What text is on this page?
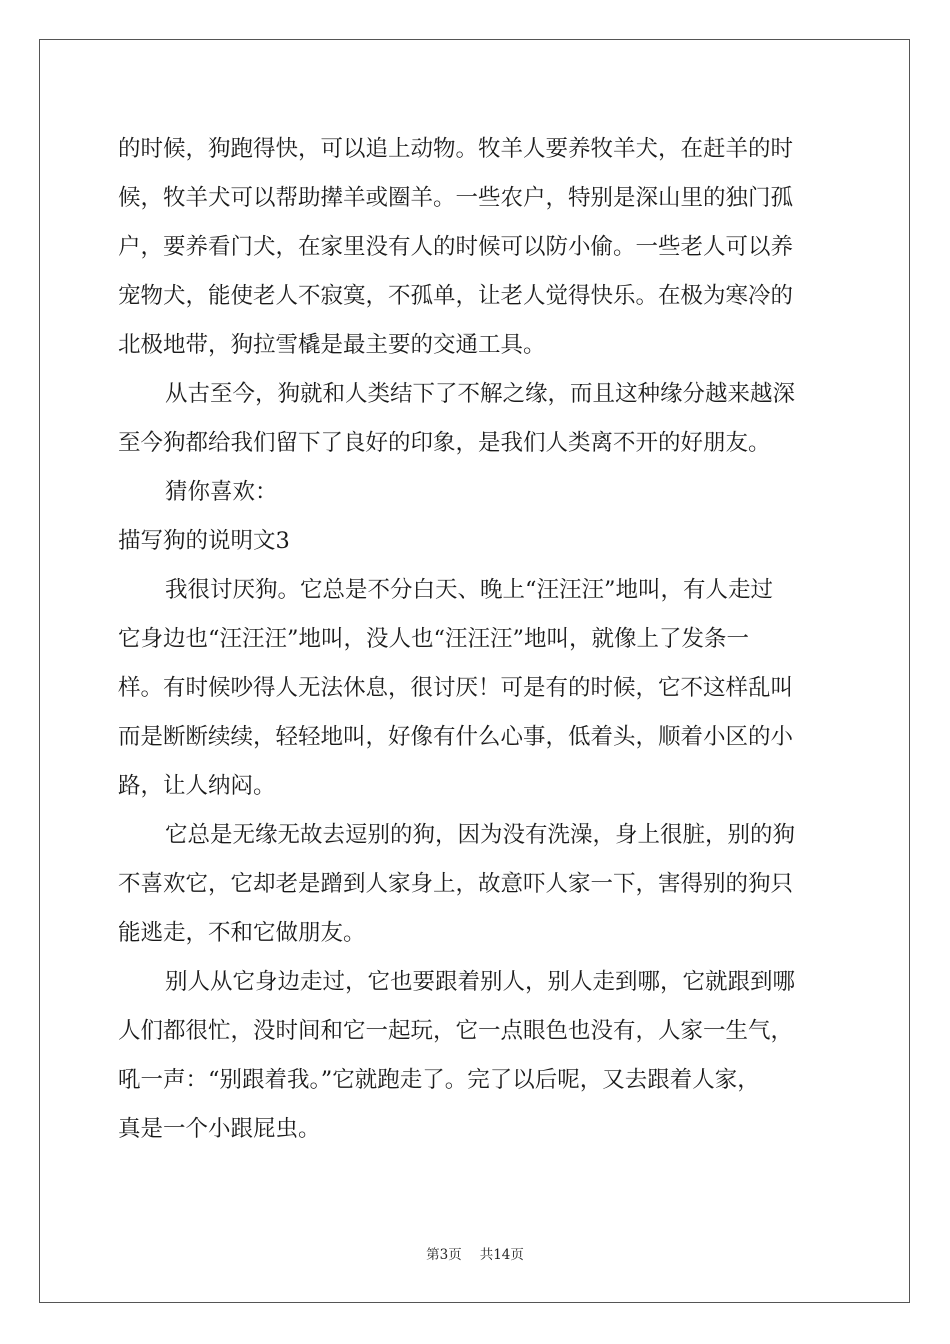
的时候，狗跑得快，可以追上动物。牧羊人要养牧羊犬，在赶羊的时
候，牧羊犬可以帮助撵羊或圈羊。一些农户，特别是深山里的独门孤
户，要养看门犬，在家里没有人的时候可以防小偷。一些老人可以养
宠物犬，能使老人不寂寞，不孤单，让老人觉得快乐。在极为寒冷的
北极地带，狗拉雪橇是最主要的交通工具。
从古至今，狗就和人类结下了不解之缘，而且这种缘分越来越深
至今狗都给我们留下了良好的印象，是我们人类离不开的好朋友。
猜你喜欢：
描写狗的说明文3
我很讨厌狗。它总是不分白天、晚上“汪汪汪”地叫，有人走过
它身边也“汪汪汪”地叫，没人也“汪汪汪”地叫，就像上了发条一
样。有时候吵得人无法休息，很讨厌！可是有的时候，它不这样乱叫
而是断断续续，轻轻地叫，好像有什么心事，低着头，顺着小区的小
路，让人纳闷。
它总是无缘无故去逗别的狗，因为没有洗澡，身上很脏，别的狗
不喜欢它，它却老是蹭到人家身上，故意吓人家一下，害得别的狗只
能逃走，不和它做朋友。
别人从它身边走过，它也要跟着别人，别人走到哪，它就跟到哪
人们都很忙，没时间和它一起玩，它一点眼色也没有，人家一生气，
吼一声：“别跟着我。”它就跑走了。完了以后呢，又去跟着人家，
真是一个小跟屁虫。
第3页 共14页
